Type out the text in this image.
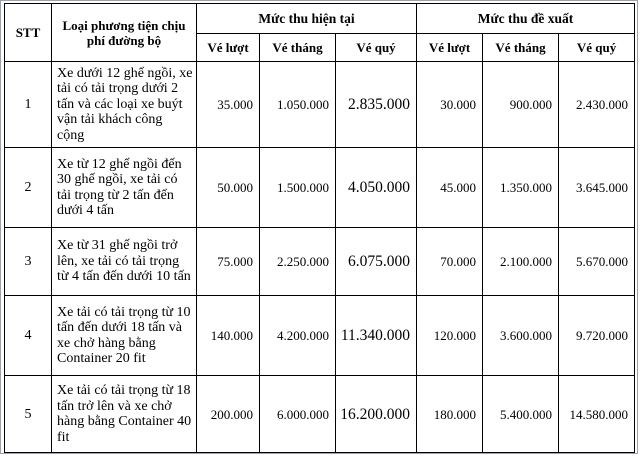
STT	Loại phương tiện chịu phí đường bộ	Mức thu hiện tại			Mức thu đề xuất		
		Vé lượt	Vé tháng	Vé quý	Vé lượt	Vé tháng	Vé quý
1	Xe dưới 12 ghế ngồi, xe tải có tải trọng dưới 2 tấn và các loại xe buýt vận tải khách công cộng	35.000	1.050.000	2.835.000	30.000	900.000	2.430.000
2	Xe từ 12 ghế ngồi đến 30 ghế ngồi, xe tải có tải trọng từ 2 tấn đến dưới 4 tấn	50.000	1.500.000	4.050.000	45.000	1.350.000	3.645.000
3	Xe từ 31 ghế ngồi trở lên, xe tải có tải trọng từ 4 tấn đến dưới 10 tấn	75.000	2.250.000	6.075.000	70.000	2.100.000	5.670.000
4	Xe tải có tải trọng từ 10 tấn đến dưới 18 tấn và xe chở hàng bằng Container 20 fit	140.000	4.200.000	11.340.000	120.000	3.600.000	9.720.000
5	Xe tải có tải trọng từ 18 tấn trở lên và xe chở hàng bằng Container 40 fit	200.000	6.000.000	16.200.000	180.000	5.400.000	14.580.000
